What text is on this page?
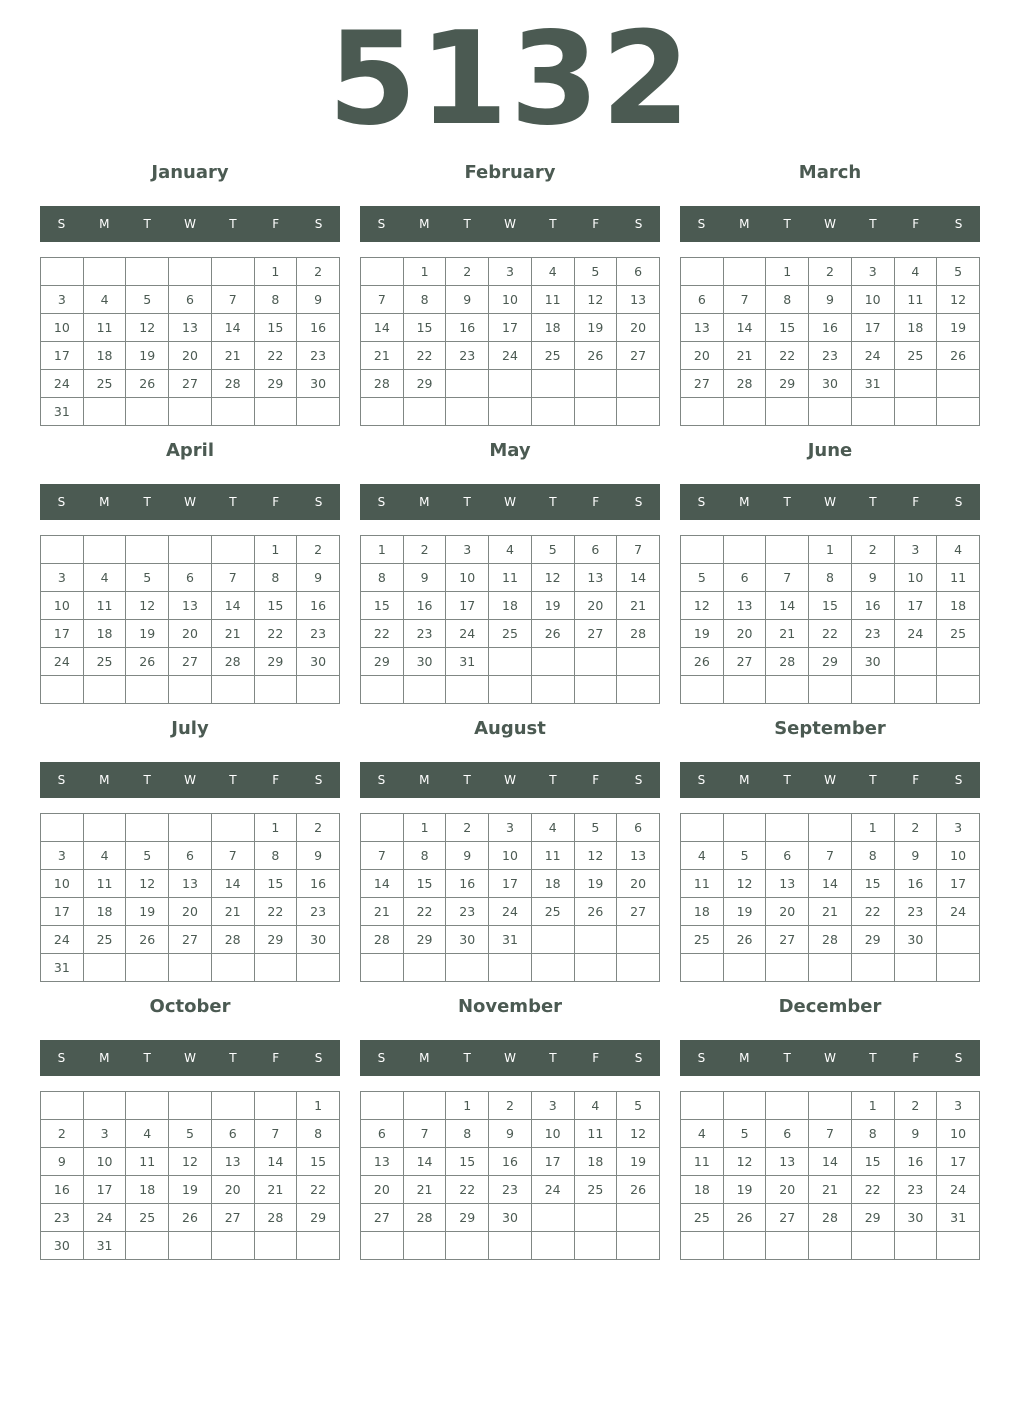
5132
January
S	M	T	W	T	F	S
					1	2
3	4	5	6	7	8	9
10	11	12	13	14	15	16
17	18	19	20	21	22	23
24	25	26	27	28	29	30
31						
February
S	M	T	W	T	F	S
	1	2	3	4	5	6
7	8	9	10	11	12	13
14	15	16	17	18	19	20
21	22	23	24	25	26	27
28	29					

March
S	M	T	W	T	F	S
		1	2	3	4	5
6	7	8	9	10	11	12
13	14	15	16	17	18	19
20	21	22	23	24	25	26
27	28	29	30	31		

April
S	M	T	W	T	F	S
					1	2
3	4	5	6	7	8	9
10	11	12	13	14	15	16
17	18	19	20	21	22	23
24	25	26	27	28	29	30

May
S	M	T	W	T	F	S
1	2	3	4	5	6	7
8	9	10	11	12	13	14
15	16	17	18	19	20	21
22	23	24	25	26	27	28
29	30	31				

June
S	M	T	W	T	F	S
			1	2	3	4
5	6	7	8	9	10	11
12	13	14	15	16	17	18
19	20	21	22	23	24	25
26	27	28	29	30		

July
S	M	T	W	T	F	S
					1	2
3	4	5	6	7	8	9
10	11	12	13	14	15	16
17	18	19	20	21	22	23
24	25	26	27	28	29	30
31						
August
S	M	T	W	T	F	S
	1	2	3	4	5	6
7	8	9	10	11	12	13
14	15	16	17	18	19	20
21	22	23	24	25	26	27
28	29	30	31			

September
S	M	T	W	T	F	S
				1	2	3
4	5	6	7	8	9	10
11	12	13	14	15	16	17
18	19	20	21	22	23	24
25	26	27	28	29	30	

October
S	M	T	W	T	F	S
						1
2	3	4	5	6	7	8
9	10	11	12	13	14	15
16	17	18	19	20	21	22
23	24	25	26	27	28	29
30	31					
November
S	M	T	W	T	F	S
		1	2	3	4	5
6	7	8	9	10	11	12
13	14	15	16	17	18	19
20	21	22	23	24	25	26
27	28	29	30			

December
S	M	T	W	T	F	S
				1	2	3
4	5	6	7	8	9	10
11	12	13	14	15	16	17
18	19	20	21	22	23	24
25	26	27	28	29	30	31
